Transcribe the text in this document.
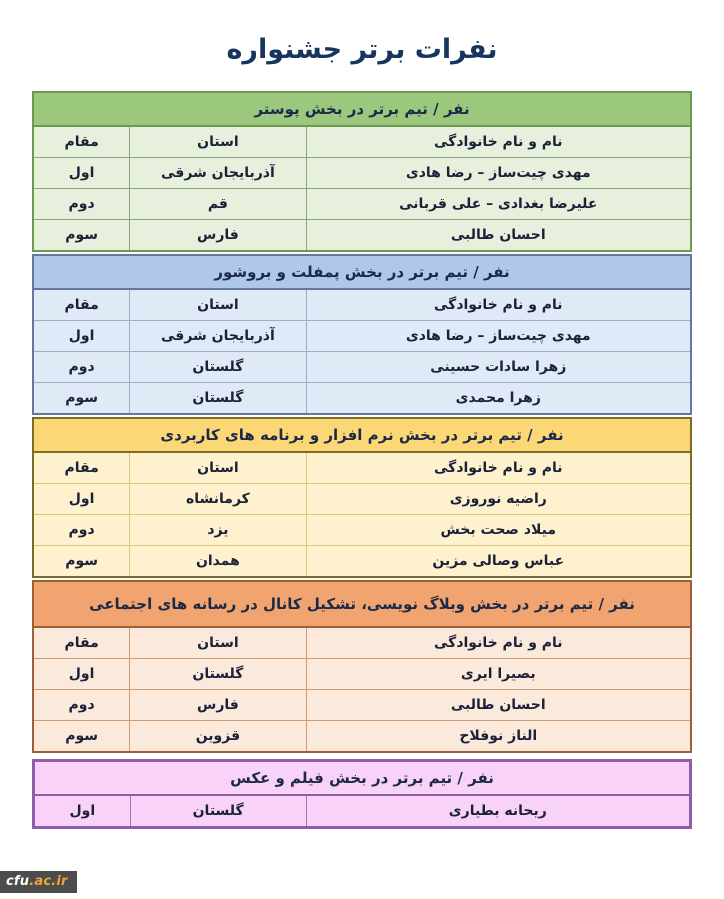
نفرات برتر جشنواره
نفر / تیم برتر در بخش پوستر		
نام و نام خانوادگی	استان	مقام
مهدی چیت‌ساز – رضا هادی	آذربایجان شرقی	اول
علیرضا بغدادی – علی قربانی	قم	دوم
احسان طالبی	فارس	سوم
نفر / تیم برتر در بخش پمفلت و بروشور		
نام و نام خانوادگی	استان	مقام
مهدی چیت‌ساز – رضا هادی	آذربایجان شرقی	اول
زهرا سادات حسینی	گلستان	دوم
زهرا محمدی	گلستان	سوم
نفر / تیم برتر در بخش نرم افزار و برنامه های کاربردی		
نام و نام خانوادگی	استان	مقام
راضیه نوروزی	کرمانشاه	اول
میلاد صحت بخش	یزد	دوم
عباس وصالی مزین	همدان	سوم
نفر / تیم برتر در بخش وبلاگ نویسی، تشکیل کانال در رسانه های اجتماعی		
نام و نام خانوادگی	استان	مقام
بصیرا ایری	گلستان	اول
احسان طالبی	فارس	دوم
الناز نوفلاح	قزوین	سوم
نفر / تیم برتر در بخش فیلم و عکس
ریحانه بطیاری	گلستان	اول
cfu.ac.ir
